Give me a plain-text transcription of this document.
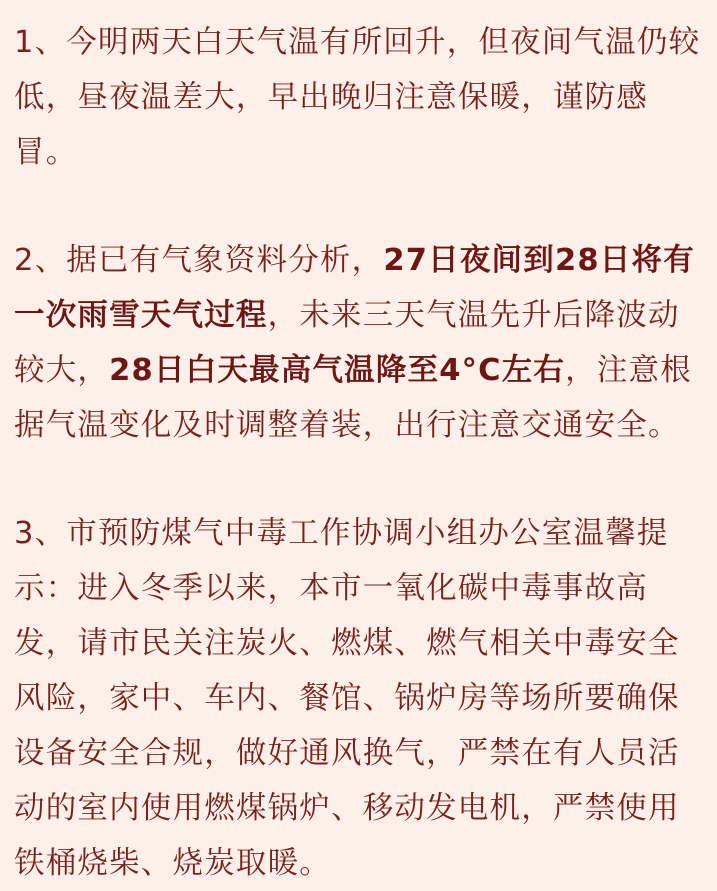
1、今明两天白天气温有所回升，但夜间气温仍较低，昼夜温差大，早出晚归注意保暖，谨防感冒。

2、据已有气象资料分析，27日夜间到28日将有一次雨雪天气过程，未来三天气温先升后降波动较大，28日白天最高气温降至4°C左右，注意根据气温变化及时调整着装，出行注意交通安全。

3、市预防煤气中毒工作协调小组办公室温馨提示：进入冬季以来，本市一氧化碳中毒事故高发，请市民关注炭火、燃煤、燃气相关中毒安全风险，家中、车内、餐馆、锅炉房等场所要确保设备安全合规，做好通风换气，严禁在有人员活动的室内使用燃煤锅炉、移动发电机，严禁使用铁桶烧柴、烧炭取暖。
